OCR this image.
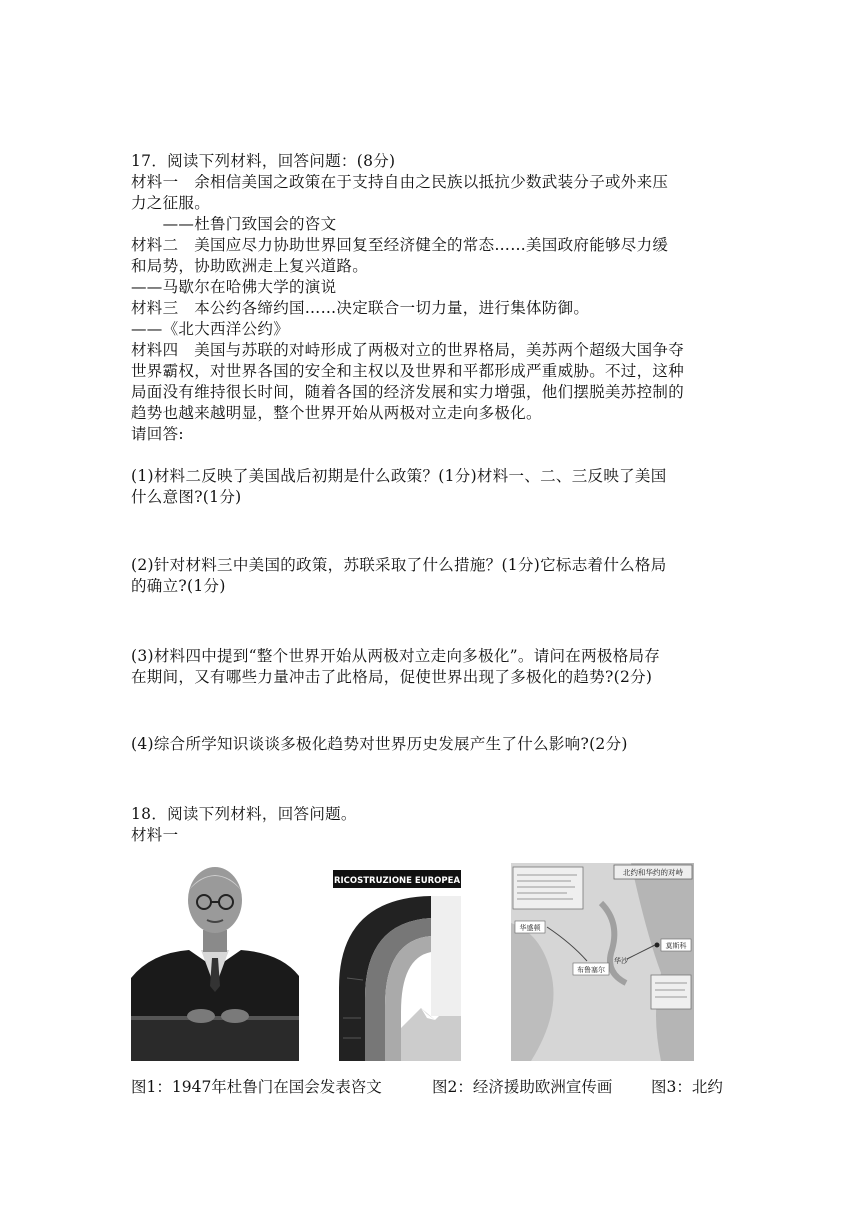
17．阅读下列材料，回答问题：(8分)
材料一　余相信美国之政策在于支持自由之民族以抵抗少数武装分子或外来压
力之征服。
　　——杜鲁门致国会的咨文
材料二　美国应尽力协助世界回复至经济健全的常态……美国政府能够尽力缓
和局势，协助欧洲走上复兴道路。
——马歇尔在哈佛大学的演说
材料三　本公约各缔约国……决定联合一切力量，进行集体防御。
——《北大西洋公约》
材料四　美国与苏联的对峙形成了两极对立的世界格局，美苏两个超级大国争夺
世界霸权，对世界各国的安全和主权以及世界和平都形成严重威胁。不过，这种
局面没有维持很长时间，随着各国的经济发展和实力增强，他们摆脱美苏控制的
趋势也越来越明显，整个世界开始从两极对立走向多极化。
请回答:
(1)材料二反映了美国战后初期是什么政策？(1分)材料一、二、三反映了美国
什么意图?(1分)
(2)针对材料三中美国的政策，苏联采取了什么措施？(1分)它标志着什么格局
的确立?(1分)
(3)材料四中提到“整个世界开始从两极对立走向多极化”。请问在两极格局存
在期间，又有哪些力量冲击了此格局，促使世界出现了多极化的趋势?(2分)
(4)综合所学知识谈谈多极化趋势对世界历史发展产生了什么影响?(2分)
18．阅读下列材料，回答问题。
材料一
RICOSTRUZIONE EUROPEA
北约和华约的对峙
华盛顿
莫斯科
布鲁塞尔
华沙
图1：1947年杜鲁门在国会发表咨文	图2：经济援助欧洲宣传画 图3：北约
